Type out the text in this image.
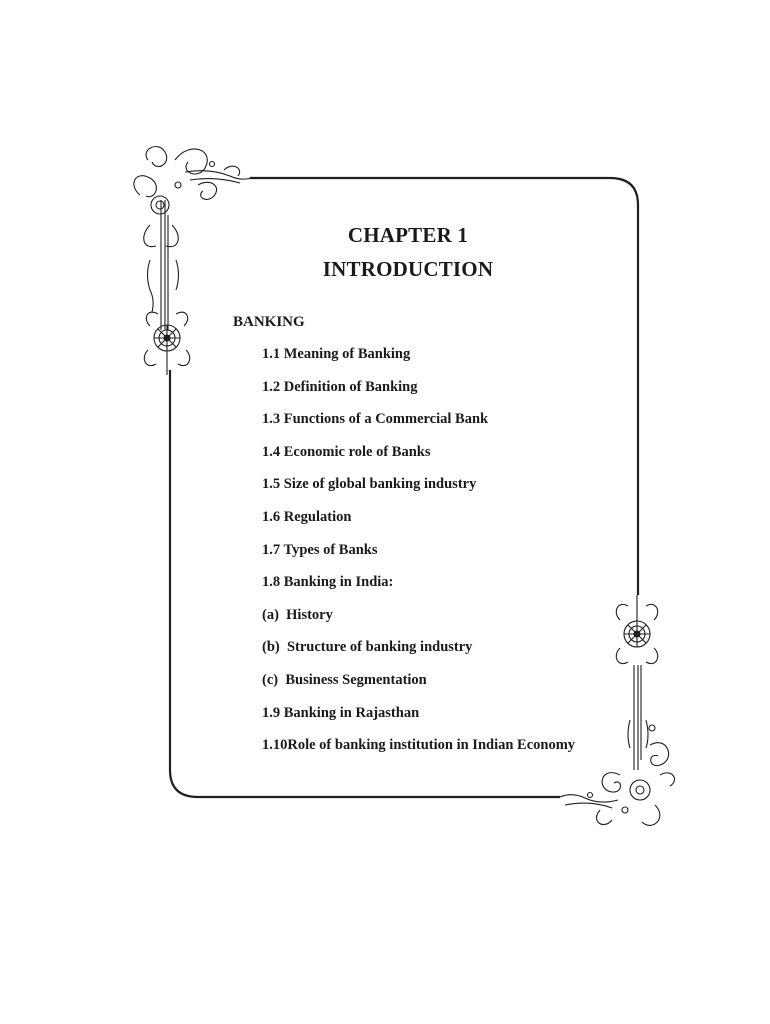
CHAPTER 1
INTRODUCTION
BANKING
1.1 Meaning of Banking
1.2 Definition of Banking
1.3 Functions of a Commercial Bank
1.4 Economic role of Banks
1.5 Size of global banking industry
1.6 Regulation
1.7 Types of Banks
1.8 Banking in India:
(a)  History
(b)  Structure of banking industry
(c)  Business Segmentation
1.9 Banking in Rajasthan
1.10Role of banking institution in Indian Economy
